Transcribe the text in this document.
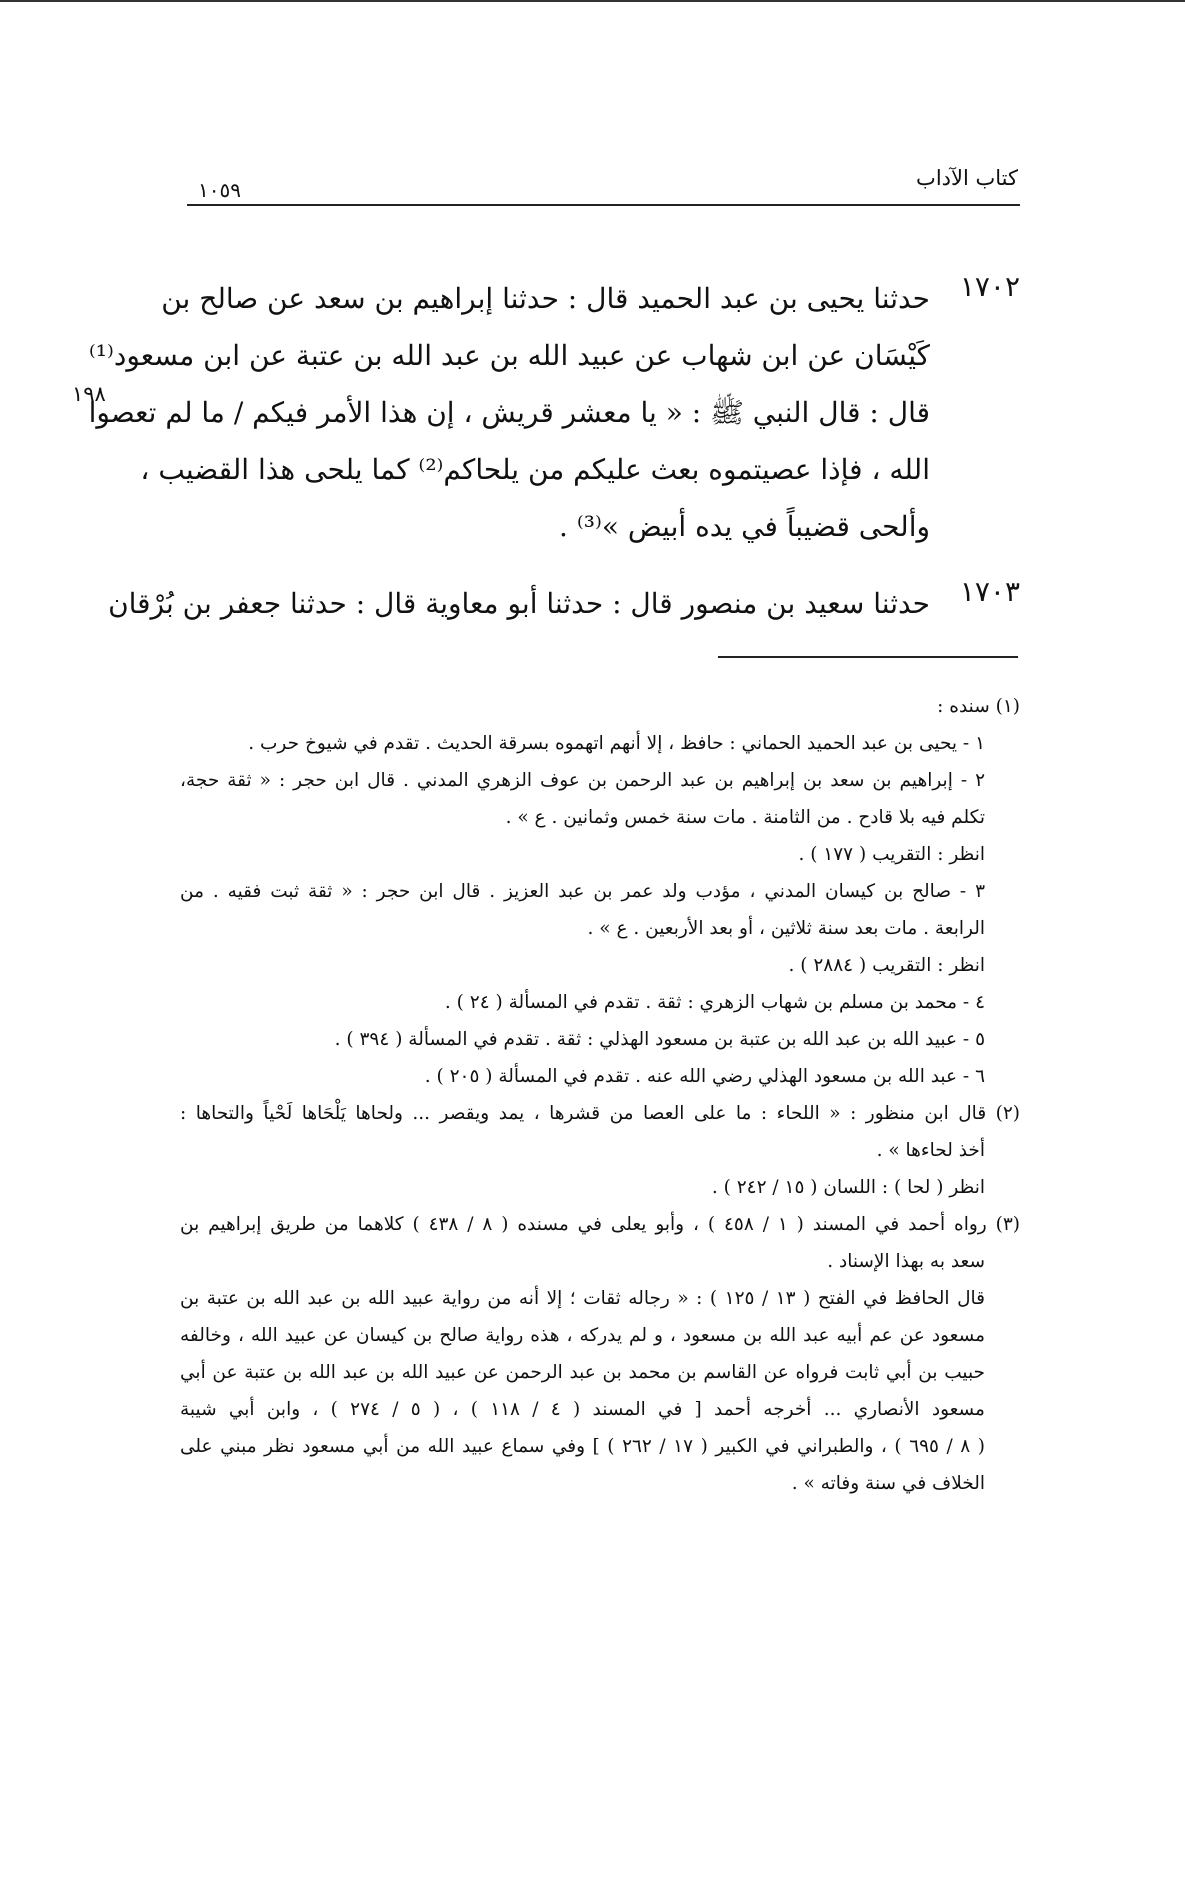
كتاب الآداب
١٠٥٩
١٩٨
١٧٠٢
حدثنا يحيى بن عبد الحميد قال : حدثنا إبراهيم بن سعد عن صالح بن
كَيْسَان عن ابن شهاب عن عبيد الله بن عبد الله بن عتبة عن ابن مسعود⁽¹⁾
قال : قال النبي ﷺ : « يا معشر قريش ، إن هذا الأمر فيكم / ما لم تعصوا
الله ، فإذا عصيتموه بعث عليكم من يلحاكم⁽²⁾ كما يلحى هذا القضيب ،
وألحى قضيباً في يده أبيض »⁽³⁾ .
١٧٠٣
حدثنا سعيد بن منصور قال : حدثنا أبو معاوية قال : حدثنا جعفر بن بُرْقان
(١) سنده :
١ - يحيى بن عبد الحميد الحماني : حافظ ، إلا أنهم اتهموه بسرقة الحديث . تقدم في شيوخ حرب .
٢ - إبراهيم بن سعد بن إبراهيم بن عبد الرحمن بن عوف الزهري المدني . قال ابن حجر : « ثقة حجة،
تكلم فيه بلا قادح . من الثامنة . مات سنة خمس وثمانين . ع » .
انظر : التقريب ( ١٧٧ ) .
٣ - صالح بن كيسان المدني ، مؤدب ولد عمر بن عبد العزيز . قال ابن حجر : « ثقة ثبت فقيه . من
الرابعة . مات بعد سنة ثلاثين ، أو بعد الأربعين . ع » .
انظر : التقريب ( ٢٨٨٤ ) .
٤ - محمد بن مسلم بن شهاب الزهري : ثقة . تقدم في المسألة ( ٢٤ ) .
٥ - عبيد الله بن عبد الله بن عتبة بن مسعود الهذلي : ثقة . تقدم في المسألة ( ٣٩٤ ) .
٦ - عبد الله بن مسعود الهذلي رضي الله عنه . تقدم في المسألة ( ٢٠٥ ) .
(٢) قال ابن منظور : « اللحاء : ما على العصا من قشرها ، يمد ويقصر ... ولحاها يَلْحَاها لَحْياً والتحاها :
أخذ لحاءها » .
انظر ( لحا ) : اللسان ( ١٥ / ٢٤٢ ) .
(٣) رواه أحمد في المسند ( ١ / ٤٥٨ ) ، وأبو يعلى في مسنده ( ٨ / ٤٣٨ ) كلاهما من طريق إبراهيم بن
سعد به بهذا الإسناد .
قال الحافظ في الفتح ( ١٣ / ١٢٥ ) : « رجاله ثقات ؛ إلا أنه من رواية عبيد الله بن عبد الله بن عتبة بن
مسعود عن عم أبيه عبد الله بن مسعود ، و لم يدركه ، هذه رواية صالح بن كيسان عن عبيد الله ، وخالفه
حبيب بن أبي ثابت فرواه عن القاسم بن محمد بن عبد الرحمن عن عبيد الله بن عبد الله بن عتبة عن أبي
مسعود الأنصاري ... أخرجه أحمد [ في المسند ( ٤ / ١١٨ ) ، ( ٥ / ٢٧٤ ) ، وابن أبي شيبة
( ٨ / ٦٩٥ ) ، والطبراني في الكبير ( ١٧ / ٢٦٢ ) ] وفي سماع عبيد الله من أبي مسعود نظر مبني على
الخلاف في سنة وفاته » .
